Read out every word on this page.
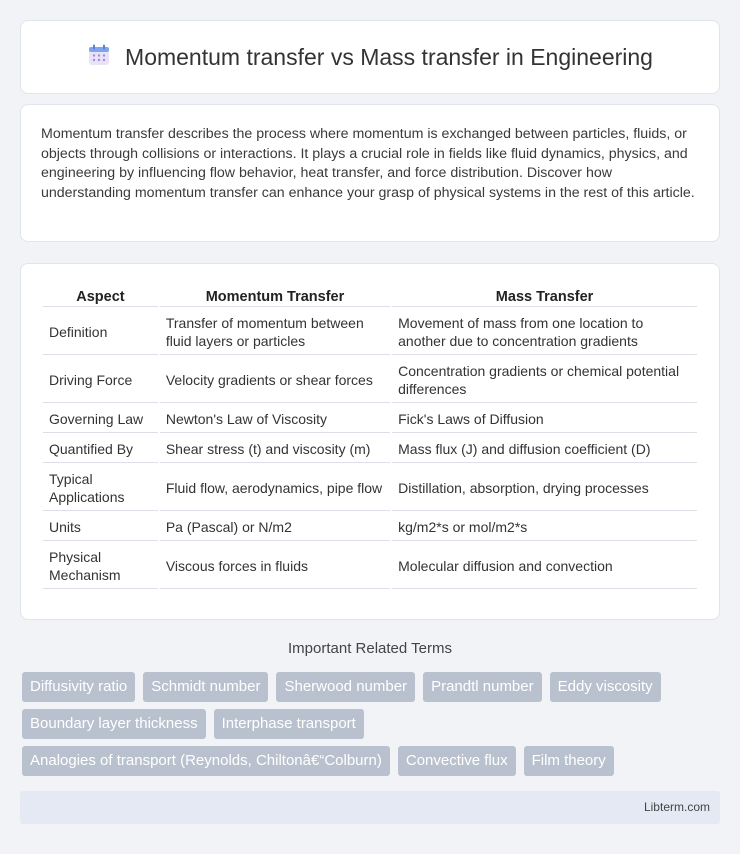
Momentum transfer vs Mass transfer in Engineering

Momentum transfer describes the process where momentum is exchanged between particles, fluids, or objects through collisions or interactions. It plays a crucial role in fields like fluid dynamics, physics, and engineering by influencing flow behavior, heat transfer, and force distribution. Discover how understanding momentum transfer can enhance your grasp of physical systems in the rest of this article.

Aspect	Momentum Transfer	Mass Transfer
Definition	Transfer of momentum between fluid layers or particles	Movement of mass from one location to another due to concentration gradients
Driving Force	Velocity gradients or shear forces	Concentration gradients or chemical potential differences
Governing Law	Newton's Law of Viscosity	Fick's Laws of Diffusion
Quantified By	Shear stress (t) and viscosity (m)	Mass flux (J) and diffusion coefficient (D)
Typical Applications	Fluid flow, aerodynamics, pipe flow	Distillation, absorption, drying processes
Units	Pa (Pascal) or N/m2	kg/m2*s or mol/m2*s
Physical Mechanism	Viscous forces in fluids	Molecular diffusion and convection
Important Related Terms
Diffusivity ratio	Schmidt number	Sherwood number	Prandtl number	Eddy viscosity
Boundary layer thickness	Interphase transport
Analogies of transport (Reynolds, Chiltonâ€“Colburn)	Convective flux	Film theory
Libterm.com
